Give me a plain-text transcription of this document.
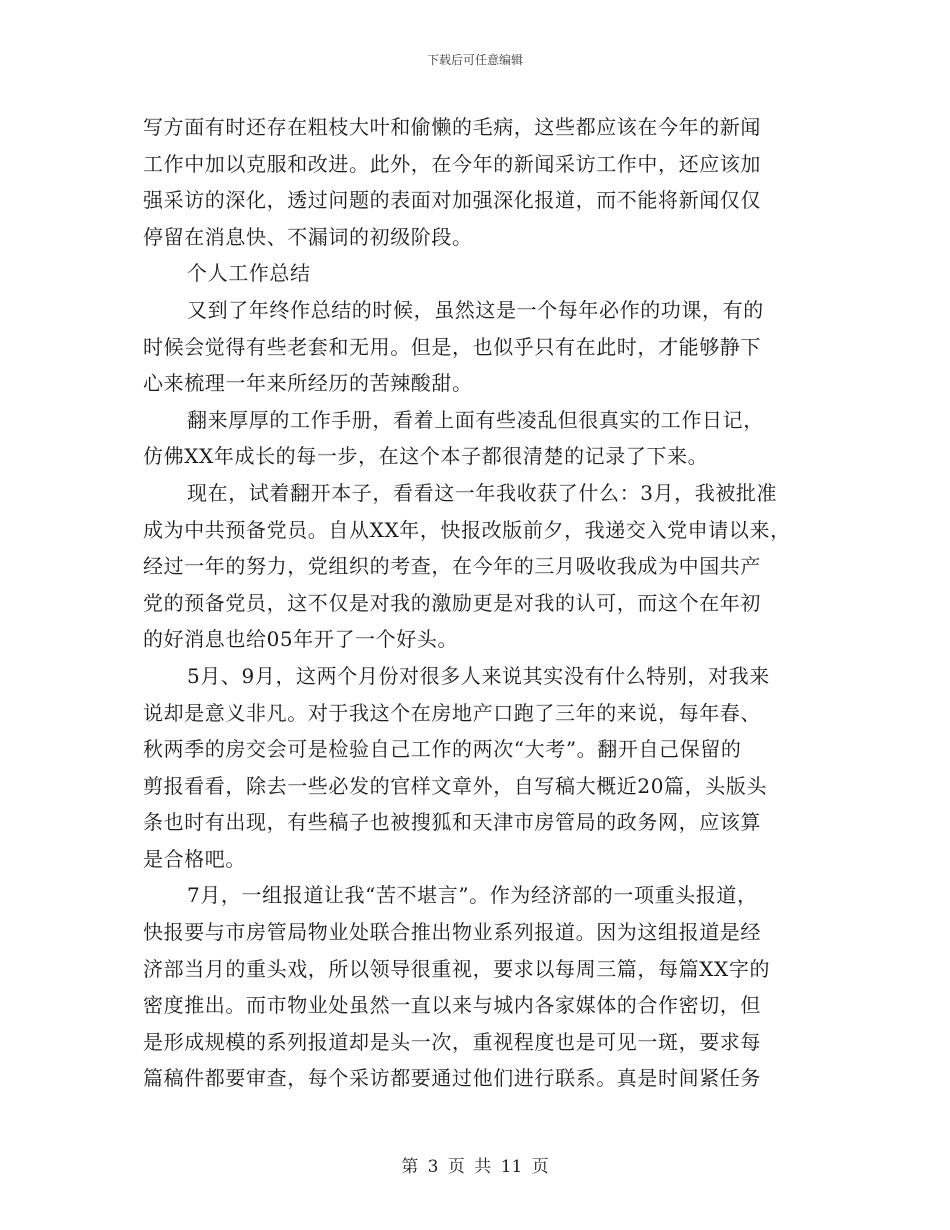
下载后可任意编辑
写方面有时还存在粗枝大叶和偷懒的毛病，这些都应该在今年的新闻
工作中加以克服和改进。此外，在今年的新闻采访工作中，还应该加
强采访的深化，透过问题的表面对加强深化报道，而不能将新闻仅仅
停留在消息快、不漏词的初级阶段。
个人工作总结
又到了年终作总结的时候，虽然这是一个每年必作的功课，有的
时候会觉得有些老套和无用。但是，也似乎只有在此时，才能够静下
心来梳理一年来所经历的苦辣酸甜。
翻来厚厚的工作手册，看着上面有些凌乱但很真实的工作日记，
仿佛XX年成长的每一步，在这个本子都很清楚的记录了下来。
现在，试着翻开本子，看看这一年我收获了什么：3月，我被批准
成为中共预备党员。自从XX年，快报改版前夕，我递交入党申请以来，
经过一年的努力，党组织的考查，在今年的三月吸收我成为中国共产
党的预备党员，这不仅是对我的激励更是对我的认可，而这个在年初
的好消息也给05年开了一个好头。
5月、9月，这两个月份对很多人来说其实没有什么特别，对我来
说却是意义非凡。对于我这个在房地产口跑了三年的来说，每年春、
秋两季的房交会可是检验自己工作的两次“大考”。翻开自己保留的
剪报看看，除去一些必发的官样文章外，自写稿大概近20篇，头版头
条也时有出现，有些稿子也被搜狐和天津市房管局的政务网，应该算
是合格吧。
7月，一组报道让我“苦不堪言”。作为经济部的一项重头报道，
快报要与市房管局物业处联合推出物业系列报道。因为这组报道是经
济部当月的重头戏，所以领导很重视，要求以每周三篇，每篇XX字的
密度推出。而市物业处虽然一直以来与城内各家媒体的合作密切，但
是形成规模的系列报道却是头一次，重视程度也是可见一斑，要求每
篇稿件都要审查，每个采访都要通过他们进行联系。真是时间紧任务
第 3 页 共 11 页
